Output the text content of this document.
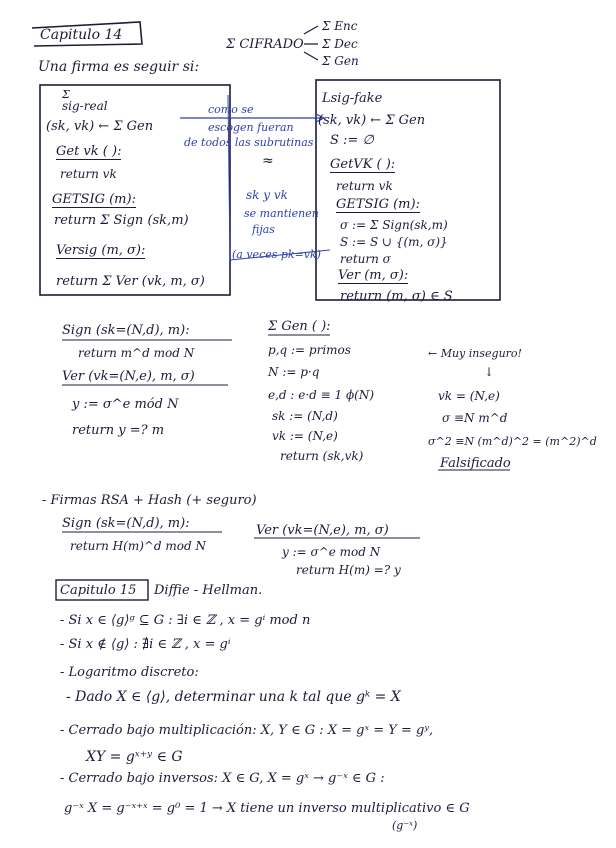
Capitulo 14
Σ CIFRADO
Σ Enc
Σ Dec
Σ Gen
Una firma es seguir si:
Σ
sig-real
(sk, vk) ← Σ Gen
Get vk ( ):
return vk
GETSIG (m):
return Σ Sign (sk,m)
Versig (m, σ):
return Σ Ver (vk, m, σ)
Lsig-fake
(sk, vk) ← Σ Gen
S := ∅
GetVK ( ):
return vk
GETSIG (m):
σ := Σ Sign(sk,m)
S := S ∪ {(m, σ)}
return σ
Ver (m, σ):
return (m, σ) ∈ S
como se
escogen fueran
de todos las subrutinas
≈
sk y vk
se mantienen
fijas
(a veces pk=vk)
Sign (sk=(N,d), m):
return m^d mod N
Ver (vk=(N,e), m, σ)
y := σ^e mód N
return y =? m
Σ Gen ( ):
p,q := primos
N := p·q
e,d : e·d ≡ 1 ϕ(N)
sk := (N,d)
vk := (N,e)
return (sk,vk)
← Muy inseguro!
↓
vk = (N,e)
σ ≡N m^d
σ^2 ≡N (m^d)^2 = (m^2)^d
Falsificado
- Firmas RSA + Hash (+ seguro)
Sign (sk=(N,d), m):
return H(m)^d mod N
Ver (vk=(N,e), m, σ)
y := σ^e mod N
return H(m) =? y
Capitulo 15 Diffie - Hellman.
- Si x ∈ ⟨g⟩ᵍ ⊆ G : ∃i ∈ ℤ , x = gⁱ mod n
- Si x ∉ ⟨g⟩ : ∄i ∈ ℤ , x = gⁱ
- Logaritmo discreto:
- Dado X ∈ ⟨g⟩, determinar una k tal que gᵏ = X
- Cerrado bajo multiplicación: X, Y ∈ G : X = gˣ = Y = gʸ,
XY = gˣ⁺ʸ ∈ G
- Cerrado bajo inversos: X ∈ G, X = gˣ → g⁻ˣ ∈ G :
g⁻ˣ X = g⁻ˣ⁺ˣ = g⁰ = 1 → X tiene un inverso multiplicativo ∈ G
(g⁻ˣ)
